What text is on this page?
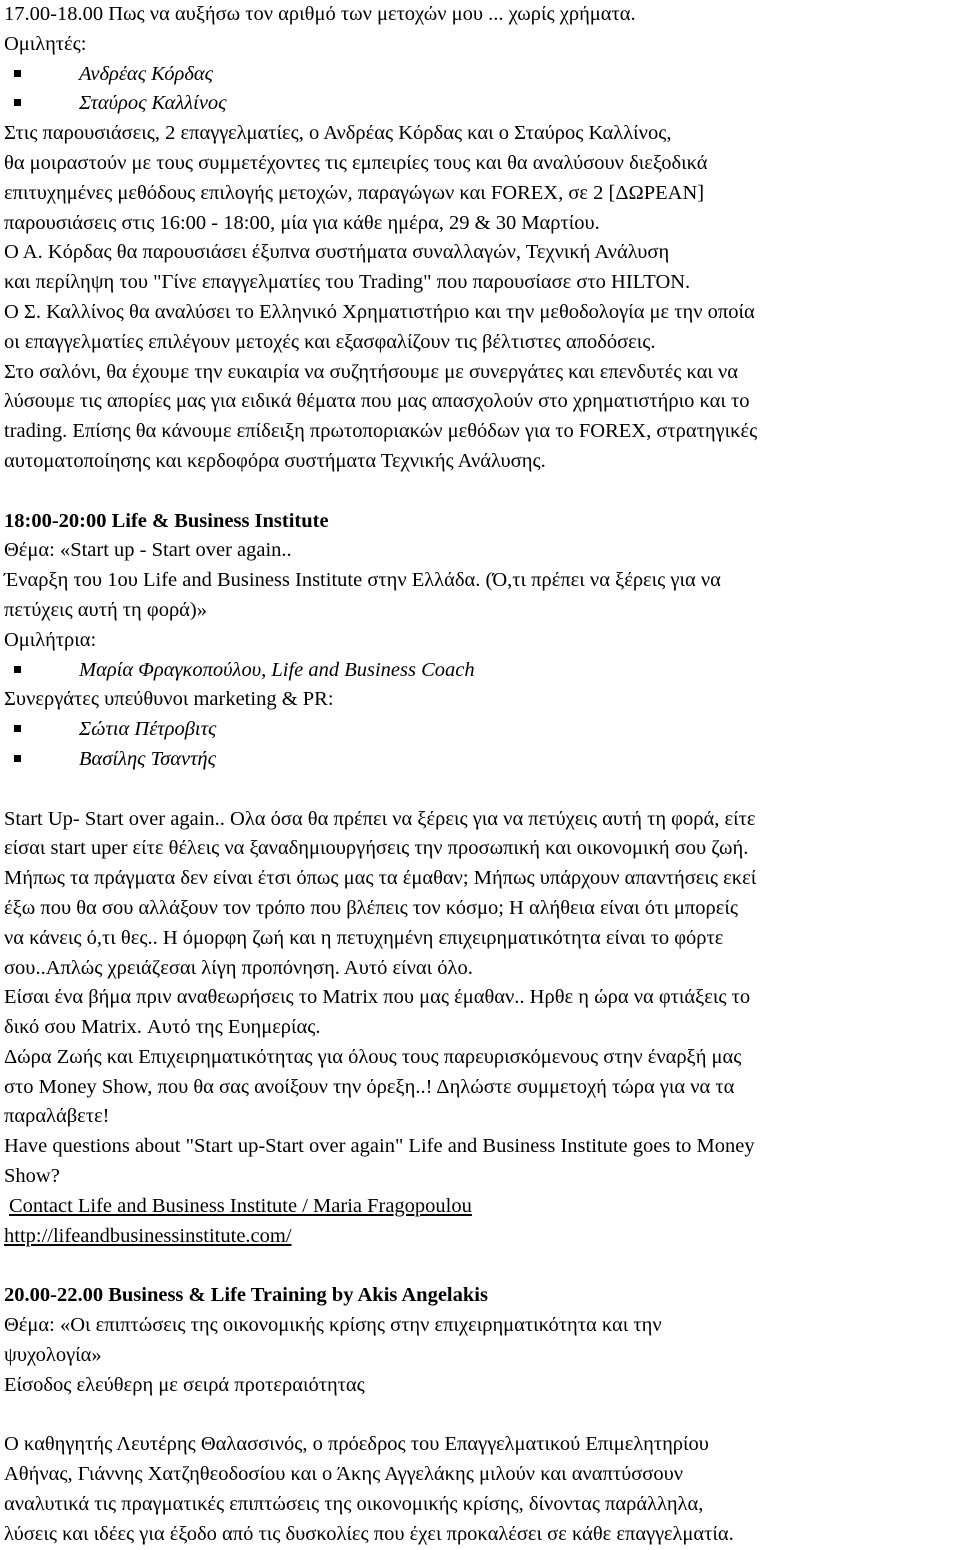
17.00-18.00 Πως να αυξήσω τον αριθμό των μετοχών μου ... χωρίς χρήματα.
Ομιλητές:
Ανδρέας Κόρδας
Σταύρος Καλλίνος
Στις παρουσιάσεις, 2 επαγγελματίες, ο Ανδρέας Κόρδας και ο Σταύρος Καλλίνος,
θα μοιραστούν με τους συμμετέχοντες τις εμπειρίες τους και θα αναλύσουν διεξοδικά
επιτυχημένες μεθόδους επιλογής μετοχών, παραγώγων και FOREX, σε 2 [ΔΩΡΕΑΝ]
παρουσιάσεις στις 16:00 - 18:00, μία για κάθε ημέρα, 29 & 30 Μαρτίου.
Ο Α. Κόρδας θα παρουσιάσει έξυπνα συστήματα συναλλαγών, Τεχνική Ανάλυση
και περίληψη του "Γίνε επαγγελματίες του Trading" που παρουσίασε στο HILTON.
Ο Σ. Καλλίνος θα αναλύσει το Ελληνικό Χρηματιστήριο και την μεθοδολογία με την οποία
οι επαγγελματίες επιλέγουν μετοχές και εξασφαλίζουν τις βέλτιστες αποδόσεις.
Στο σαλόνι, θα έχουμε την ευκαιρία να συζητήσουμε με συνεργάτες και επενδυτές και να
λύσουμε τις απορίες μας για ειδικά θέματα που μας απασχολούν στο χρηματιστήριο και το
trading. Επίσης θα κάνουμε επίδειξη πρωτοποριακών μεθόδων για το FOREX, στρατηγικές
αυτοματοποίησης και κερδοφόρα συστήματα Τεχνικής Ανάλυσης.
18:00-20:00 Life & Business Institute
Θέμα: «Start up - Start over again..
Έναρξη του 1ου Life and Business Institute στην Ελλάδα. (Ό,τι πρέπει να ξέρεις για να
πετύχεις αυτή τη φορά)»
Ομιλήτρια:
Μαρία Φραγκοπούλου, Life and Business Coach
Συνεργάτες υπεύθυνοι marketing & PR:
Σώτια Πέτροβιτς
Βασίλης Τσαντής
Start Up- Start over again.. Ολα όσα θα πρέπει να ξέρεις για να πετύχεις αυτή τη φορά, είτε
είσαι start uper είτε θέλεις να ξαναδημιουργήσεις την προσωπική και οικονομική σου ζωή.
Μήπως τα πράγματα δεν είναι έτσι όπως μας τα έμαθαν; Μήπως υπάρχουν απαντήσεις εκεί
έξω που θα σου αλλάξουν τον τρόπο που βλέπεις τον κόσμο; Η αλήθεια είναι ότι μπορείς
να κάνεις ό,τι θες.. Η όμορφη ζωή και η πετυχημένη επιχειρηματικότητα είναι το φόρτε
σου..Απλώς χρειάζεσαι λίγη προπόνηση. Αυτό είναι όλο.
Είσαι ένα βήμα πριν αναθεωρήσεις το Matrix που μας έμαθαν.. Ηρθε η ώρα να φτιάξεις το
δικό σου Matrix. Αυτό της Ευημερίας.
Δώρα Ζωής και Επιχειρηματικότητας για όλους τους παρευρισκόμενους στην έναρξή μας
στο Money Show, που θα σας ανοίξουν την όρεξη..! Δηλώστε συμμετοχή τώρα για να τα
παραλάβετε!
Have questions about "Start up-Start over again" Life and Business Institute goes to Money
Show?
Contact Life and Business Institute / Maria Fragopoulou
http://lifeandbusinessinstitute.com/
20.00-22.00 Business & Life Training by Akis Angelakis
Θέμα: «Οι επιπτώσεις της οικονομικής κρίσης στην επιχειρηματικότητα και την
ψυχολογία»
Είσοδος ελεύθερη με σειρά προτεραιότητας
Ο καθηγητής Λευτέρης Θαλασσινός, ο πρόεδρος του Επαγγελματικού Επιμελητηρίου
Αθήνας, Γιάννης Χατζηθεοδοσίου και ο Άκης Αγγελάκης μιλούν και αναπτύσσουν
αναλυτικά τις πραγματικές επιπτώσεις της οικονομικής κρίσης, δίνοντας παράλληλα,
λύσεις και ιδέες για έξοδο από τις δυσκολίες που έχει προκαλέσει σε κάθε επαγγελματία.
